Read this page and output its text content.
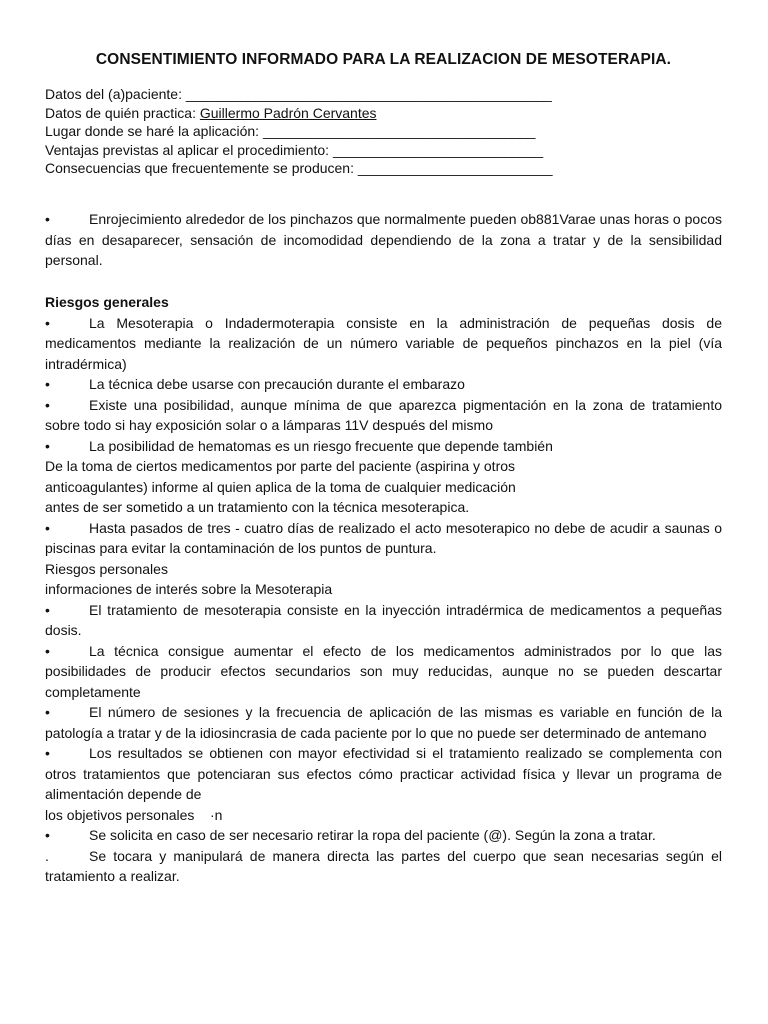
CONSENTIMIENTO INFORMADO PARA LA REALIZACION DE MESOTERAPIA.
Datos del (a)paciente: _______________________________________________
Datos de quién practica: Guillermo Padrón Cervantes
Lugar donde se haré la aplicación: ___________________________________
Ventajas previstas al aplicar el procedimiento: ___________________________
Consecuencias que frecuentemente se producen: _________________________
•	Enrojecimiento alrededor de los pinchazos que normalmente pueden ob881Varae unas horas o pocos días en desaparecer, sensación de incomodidad dependiendo de la zona a tratar y de la sensibilidad personal.
Riesgos generales
•	La Mesoterapia o Indadermoterapia consiste en la administración de pequeñas dosis de medicamentos mediante la realización de un número variable de pequeños pinchazos en la piel (vía intradérmica)
•	La técnica debe usarse con precaución durante el embarazo
•	Existe una posibilidad, aunque mínima de que aparezca pigmentación en la zona de tratamiento sobre todo si hay exposición solar o a lámparas 11V después del mismo
•	La posibilidad de hematomas es un riesgo frecuente que depende también
De la toma de ciertos medicamentos por parte del paciente (aspirina y otros
anticoagulantes) informe al quien aplica de la toma de cualquier medicación
antes de ser sometido a un tratamiento con la técnica mesoterapica.
•	Hasta pasados de tres - cuatro días de realizado el acto mesoterapico no debe de acudir a saunas o piscinas para evitar la contaminación de los puntos de puntura.
Riesgos personales
informaciones de interés sobre la Mesoterapia
•	El tratamiento de mesoterapia consiste en la inyección intradérmica de medicamentos a pequeñas dosis.
•	La técnica consigue aumentar el efecto de los medicamentos administrados por lo que las posibilidades de producir efectos secundarios son muy reducidas, aunque no se pueden descartar completamente
•	El número de sesiones y la frecuencia de aplicación de las mismas es variable en función de la patología a tratar y de la idiosincrasia de cada paciente por lo que no puede ser determinado de antemano
•	Los resultados se obtienen con mayor efectividad si el tratamiento realizado se complementa con otros tratamientos que potenciaran sus efectos cómo practicar actividad física y llevar un programa de alimentación depende de
los objetivos personales    ·n
•	Se solicita en caso de ser necesario retirar la ropa del paciente (@). Según la zona a tratar.
.	Se tocara y manipulará de manera directa las partes del cuerpo que sean necesarias según el tratamiento a realizar.
